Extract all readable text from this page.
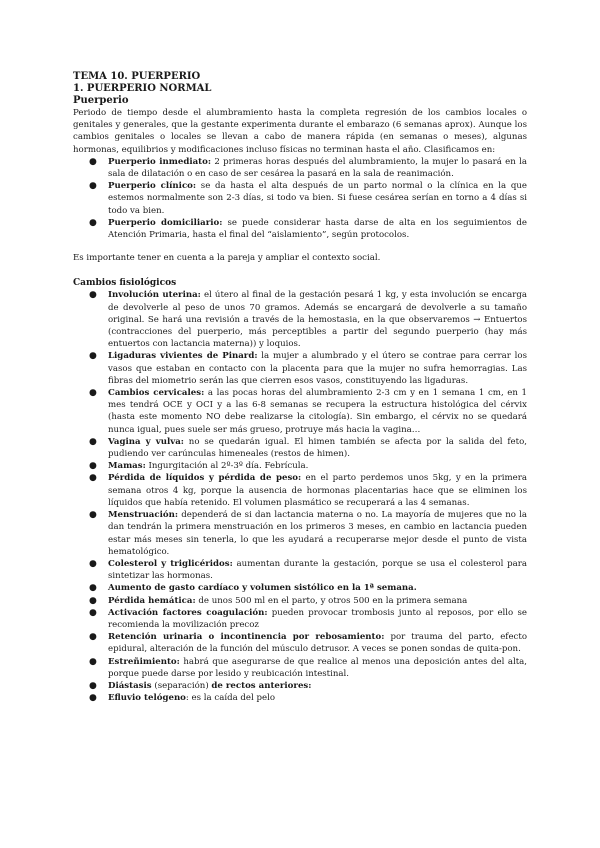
TEMA 10. PUERPERIO
1. PUERPERIO NORMAL
Puerperio

Periodo de tiempo desde el alumbramiento hasta la completa regresión de los cambios locales o genitales y generales, que la gestante experimenta durante el embarazo (6 semanas aprox). Aunque los cambios genitales o locales se llevan a cabo de manera rápida (en semanas o meses), algunas hormonas, equilibrios y modificaciones incluso físicas no terminan hasta el año. Clasificamos en:

● Puerperio inmediato: 2 primeras horas después del alumbramiento, la mujer lo pasará en la sala de dilatación o en caso de ser cesárea la pasará en la sala de reanimación.
● Puerperio clínico: se da hasta el alta después de un parto normal o la clínica en la que estemos normalmente son 2-3 días, si todo va bien. Si fuese cesárea serían en torno a 4 días si todo va bien.
● Puerperio domiciliario: se puede considerar hasta darse de alta en los seguimientos de Atención Primaria, hasta el final del “aislamiento”, según protocolos.

Es importante tener en cuenta a la pareja y ampliar el contexto social.

Cambios fisiológicos
● Involución uterina: el útero al final de la gestación pesará 1 kg, y esta involución se encarga de devolverle al peso de unos 70 gramos. Además se encargará de devolverle a su tamaño original. Se hará una revisión a través de la hemostasia, en la que observaremos → Entuertos (contracciones del puerperio, más perceptibles a partir del segundo puerperio (hay más entuertos con lactancia materna)) y loquios.
● Ligaduras vivientes de Pinard: la mujer a alumbrado y el útero se contrae para cerrar los vasos que estaban en contacto con la placenta para que la mujer no sufra hemorragias. Las fibras del miometrio serán las que cierren esos vasos, constituyendo las ligaduras.
● Cambios cervicales: a las pocas horas del alumbramiento 2-3 cm y en 1 semana 1 cm, en 1 mes tendrá OCE y OCI y a las 6-8 semanas se recupera la estructura histológica del cérvix (hasta este momento NO debe realizarse la citología). Sin embargo, el cérvix no se quedará nunca igual, pues suele ser más grueso, protruye más hacia la vagina…
● Vagina y vulva: no se quedarán igual. El himen también se afecta por la salida del feto, pudiendo ver carúnculas himeneales (restos de himen).
● Mamas: Ingurgitación al 2º-3º día. Febrícula.
● Pérdida de líquidos y pérdida de peso: en el parto perdemos unos 5kg, y en la primera semana otros 4 kg, porque la ausencia de hormonas placentarias hace que se eliminen los líquidos que había retenido. El volumen plasmático se recuperará a las 4 semanas.
● Menstruación: dependerá de si dan lactancia materna o no. La mayoría de mujeres que no la dan tendrán la primera menstruación en los primeros 3 meses, en cambio en lactancia pueden estar más meses sin tenerla, lo que les ayudará a recuperarse mejor desde el punto de vista hematológico.
● Colesterol y triglicéridos: aumentan durante la gestación, porque se usa el colesterol para sintetizar las hormonas.
● Aumento de gasto cardíaco y volumen sistólico en la 1ª semana.
● Pérdida hemática: de unos 500 ml en el parto, y otros 500 en la primera semana
● Activación factores coagulación: pueden provocar trombosis junto al reposos, por ello se recomienda la movilización precoz
● Retención urinaria o incontinencia por rebosamiento: por trauma del parto, efecto epidural, alteración de la función del músculo detrusor. A veces se ponen sondas de quita-pon.
● Estreñimiento: habrá que asegurarse de que realice al menos una deposición antes del alta, porque puede darse por lesido y reubicación intestinal.
● Diástasis (separación) de rectos anteriores:
● Efluvio telógeno: es la caída del pelo
